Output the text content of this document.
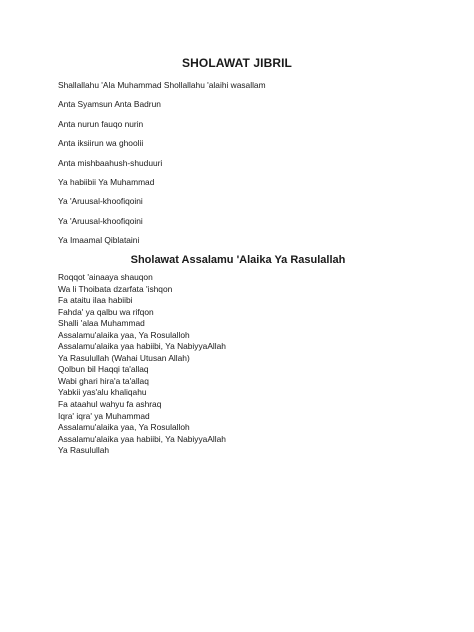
SHOLAWAT JIBRIL
Shallallahu 'Ala Muhammad Shollallahu 'alaihi wasallam
Anta Syamsun Anta Badrun
Anta nurun fauqo nurin
Anta iksiirun wa ghoolii
Anta mishbaahush-shuduuri
Ya habiibii Ya Muhammad
Ya 'Aruusal-khoofiqoini
Ya 'Aruusal-khoofiqoini
Ya Imaamal Qiblataini
Sholawat Assalamu 'Alaika Ya Rasulallah
Roqqot 'ainaaya shauqon
Wa li Thoibata dzarfata 'ishqon
Fa ataitu ilaa habiibi
Fahda' ya qalbu wa rifqon
Shalli 'alaa Muhammad
Assalamu'alaika yaa, Ya Rosulalloh
Assalamu'alaika yaa habiibi, Ya NabiyyaAllah
Ya Rasulullah (Wahai Utusan Allah)
Qolbun bil Haqqi ta'allaq
Wabi ghari hira'a ta'allaq
Yabkii yas'alu khaliqahu
Fa ataahul wahyu fa ashraq
Iqra' iqra' ya Muhammad
Assalamu'alaika yaa, Ya Rosulalloh
Assalamu'alaika yaa habiibi, Ya NabiyyaAllah
Ya Rasulullah
